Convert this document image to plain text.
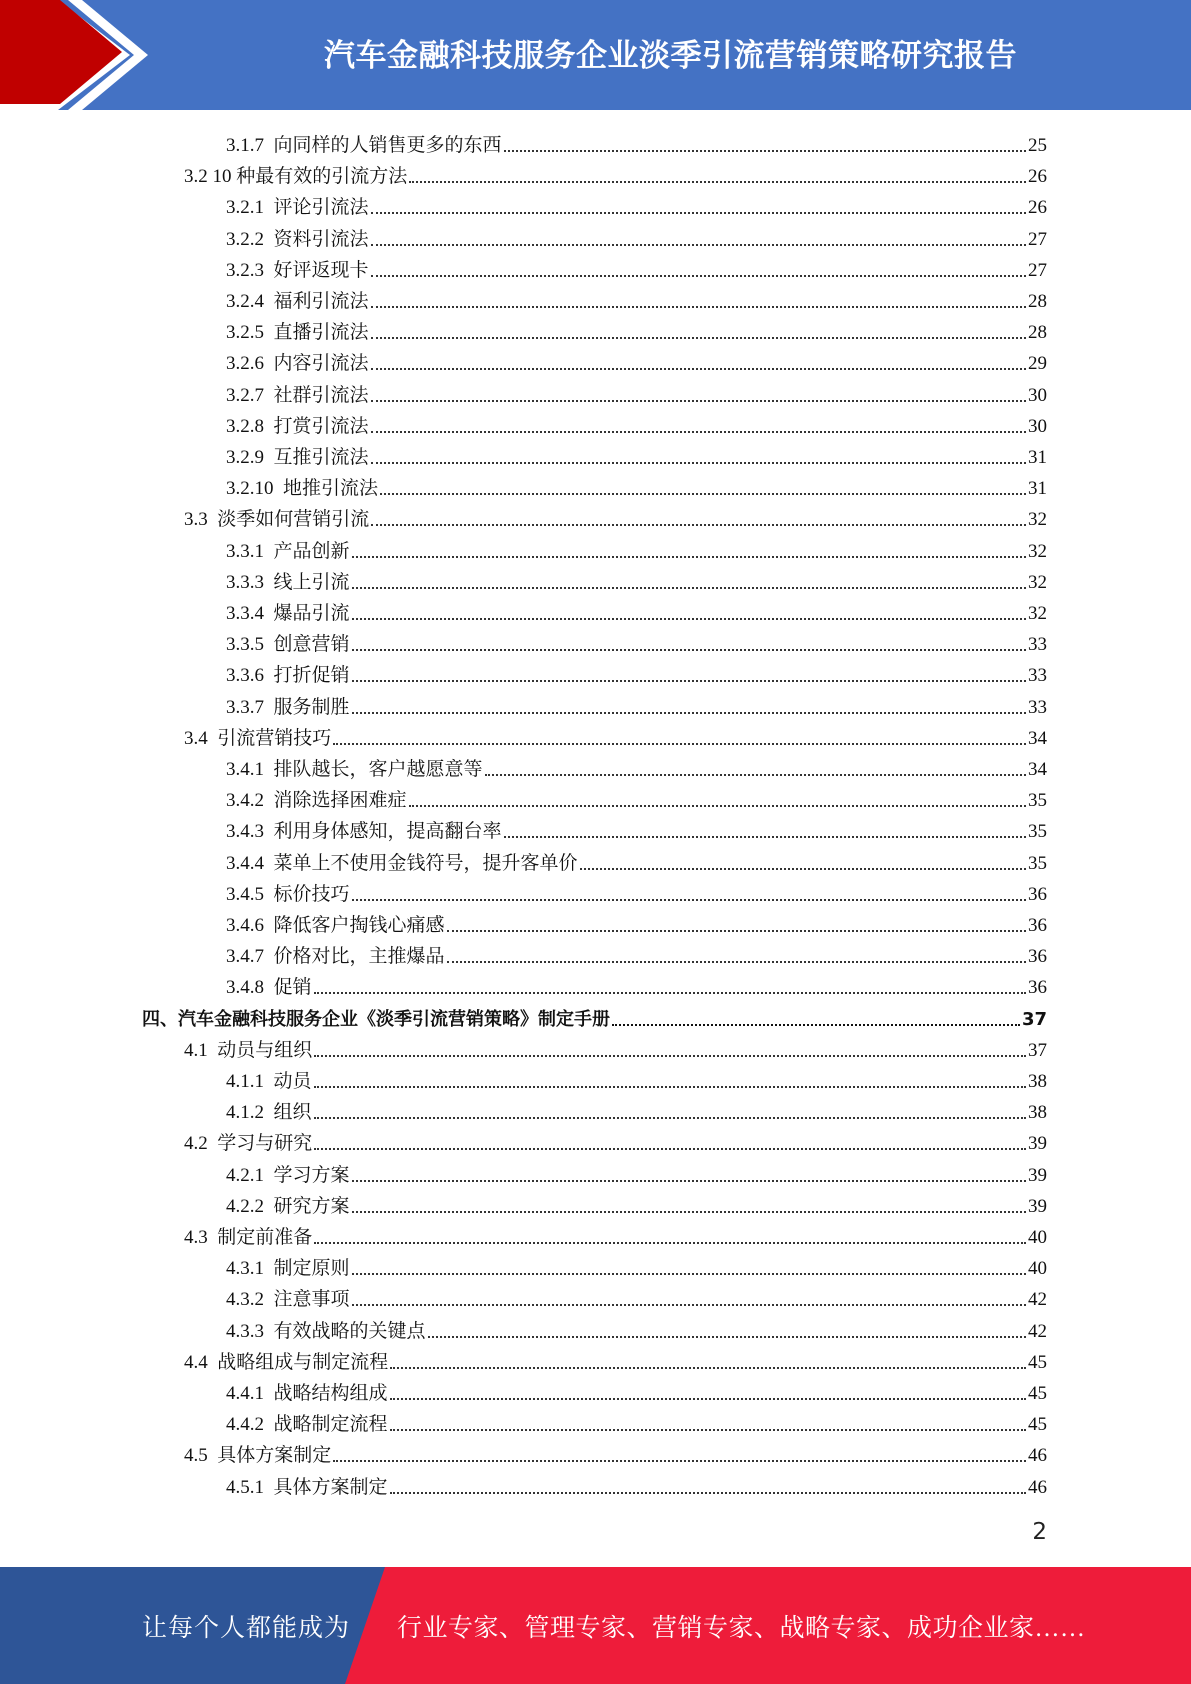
汽车金融科技服务企业淡季引流营销策略研究报告
3.1.7 向同样的人销售更多的东西	25
3.2 10 种最有效的引流方法	26
3.2.1 评论引流法	26
3.2.2 资料引流法	27
3.2.3 好评返现卡	27
3.2.4 福利引流法	28
3.2.5 直播引流法	28
3.2.6 内容引流法	29
3.2.7 社群引流法	30
3.2.8 打赏引流法	30
3.2.9 互推引流法	31
3.2.10 地推引流法	31
3.3 淡季如何营销引流	32
3.3.1 产品创新	32
3.3.3 线上引流	32
3.3.4 爆品引流	32
3.3.5 创意营销	33
3.3.6 打折促销	33
3.3.7 服务制胜	33
3.4 引流营销技巧	34
3.4.1 排队越长，客户越愿意等	34
3.4.2 消除选择困难症	35
3.4.3 利用身体感知，提高翻台率	35
3.4.4 菜单上不使用金钱符号，提升客单价	35
3.4.5 标价技巧	36
3.4.6 降低客户掏钱心痛感	36
3.4.7 价格对比，主推爆品	36
3.4.8 促销	36
四、汽车金融科技服务企业《淡季引流营销策略》制定手册	37
4.1 动员与组织	37
4.1.1 动员	38
4.1.2 组织	38
4.2 学习与研究	39
4.2.1 学习方案	39
4.2.2 研究方案	39
4.3 制定前准备	40
4.3.1 制定原则	40
4.3.2 注意事项	42
4.3.3 有效战略的关键点	42
4.4 战略组成与制定流程	45
4.4.1 战略结构组成	45
4.4.2 战略制定流程	45
4.5 具体方案制定	46
4.5.1 具体方案制定	46
2
让每个人都能成为 行业专家、管理专家、营销专家、战略专家、成功企业家……
